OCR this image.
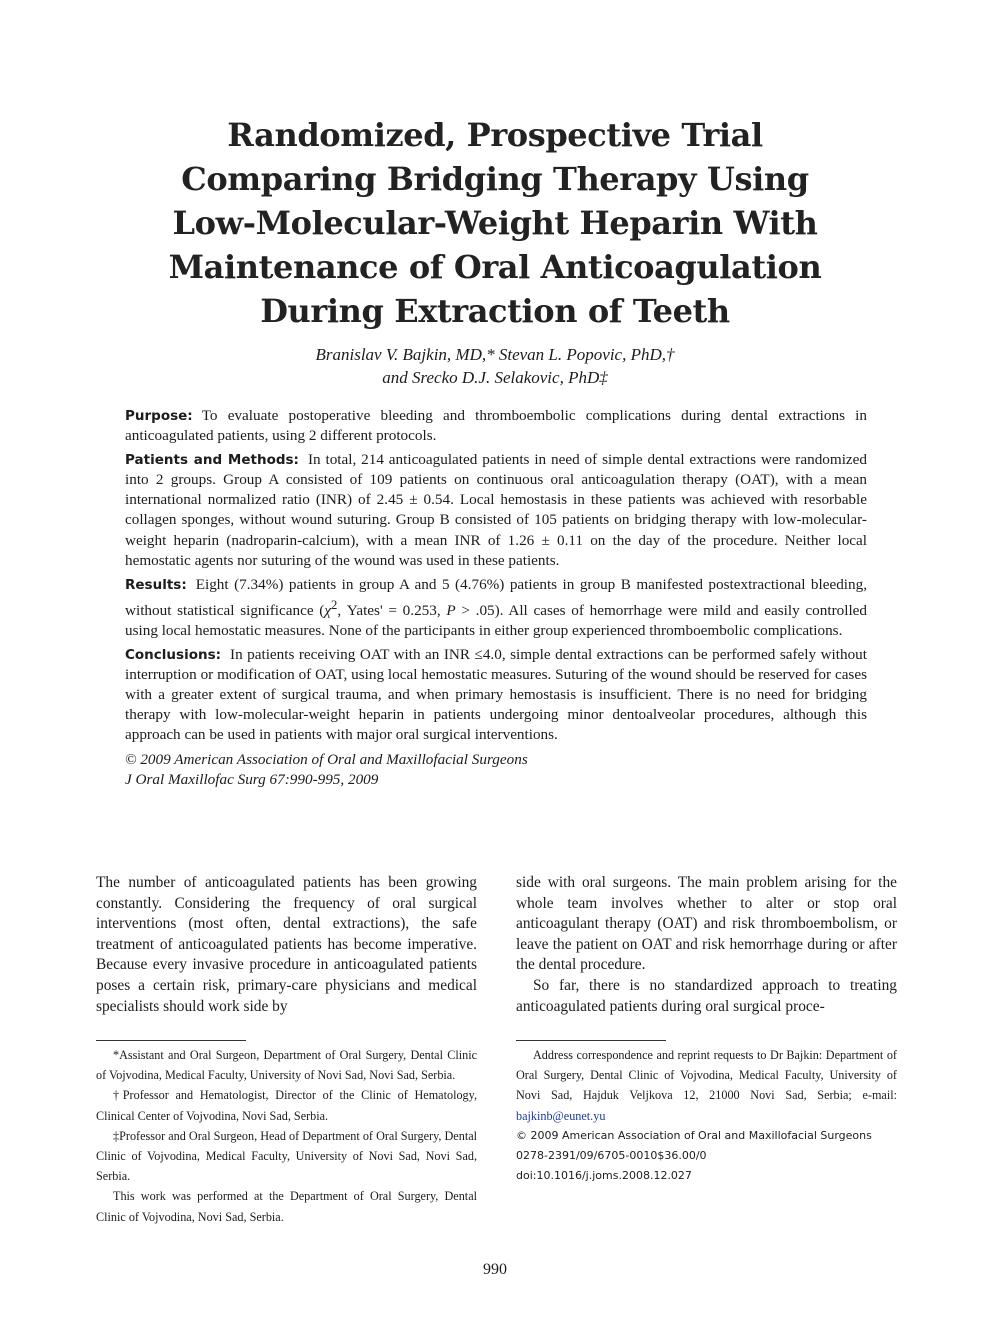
Randomized, Prospective Trial
Comparing Bridging Therapy Using
Low-Molecular-Weight Heparin With
Maintenance of Oral Anticoagulation
During Extraction of Teeth
Branislav V. Bajkin, MD,* Stevan L. Popovic, PhD,†
and Srecko D.J. Selakovic, PhD‡

Purpose: To evaluate postoperative bleeding and thromboembolic complications during dental extractions in anticoagulated patients, using 2 different protocols.

Patients and Methods: In total, 214 anticoagulated patients in need of simple dental extractions were randomized into 2 groups. Group A consisted of 109 patients on continuous oral anticoagulation therapy (OAT), with a mean international normalized ratio (INR) of 2.45 ± 0.54. Local hemostasis in these patients was achieved with resorbable collagen sponges, without wound suturing. Group B consisted of 105 patients on bridging therapy with low-molecular-weight heparin (nadroparin-calcium), with a mean INR of 1.26 ± 0.11 on the day of the procedure. Neither local hemostatic agents nor suturing of the wound was used in these patients.

Results: Eight (7.34%) patients in group A and 5 (4.76%) patients in group B manifested postextractional bleeding, without statistical significance ($\chi^2$, Yates' = 0.253, P > .05). All cases of hemorrhage were mild and easily controlled using local hemostatic measures. None of the participants in either group experienced thromboembolic complications.

Conclusions: In patients receiving OAT with an INR ≤4.0, simple dental extractions can be performed safely without interruption or modification of OAT, using local hemostatic measures. Suturing of the wound should be reserved for cases with a greater extent of surgical trauma, and when primary hemostasis is insufficient. There is no need for bridging therapy with low-molecular-weight heparin in patients undergoing minor dentoalveolar procedures, although this approach can be used in patients with major oral surgical interventions.

© 2009 American Association of Oral and Maxillofacial Surgeons

J Oral Maxillofac Surg 67:990-995, 2009

The number of anticoagulated patients has been growing constantly. Considering the frequency of oral surgical interventions (most often, dental extractions), the safe treatment of anticoagulated patients has become imperative. Because every invasive procedure in anticoagulated patients poses a certain risk, primary-care physicians and medical specialists should work side by

side with oral surgeons. The main problem arising for the whole team involves whether to alter or stop oral anticoagulant therapy (OAT) and risk thromboembolism, or leave the patient on OAT and risk hemorrhage during or after the dental procedure.

So far, there is no standardized approach to treating anticoagulated patients during oral surgical proce-

*Assistant and Oral Surgeon, Department of Oral Surgery, Dental Clinic of Vojvodina, Medical Faculty, University of Novi Sad, Novi Sad, Serbia.

†Professor and Hematologist, Director of the Clinic of Hematology, Clinical Center of Vojvodina, Novi Sad, Serbia.

‡Professor and Oral Surgeon, Head of Department of Oral Surgery, Dental Clinic of Vojvodina, Medical Faculty, University of Novi Sad, Novi Sad, Serbia.

This work was performed at the Department of Oral Surgery, Dental Clinic of Vojvodina, Novi Sad, Serbia.

Address correspondence and reprint requests to Dr Bajkin: Department of Oral Surgery, Dental Clinic of Vojvodina, Medical Faculty, University of Novi Sad, Hajduk Veljkova 12, 21000 Novi Sad, Serbia; e-mail: bajkinb@eunet.yu

© 2009 American Association of Oral and Maxillofacial Surgeons

0278-2391/09/6705-0010$36.00/0

doi:10.1016/j.joms.2008.12.027

990
